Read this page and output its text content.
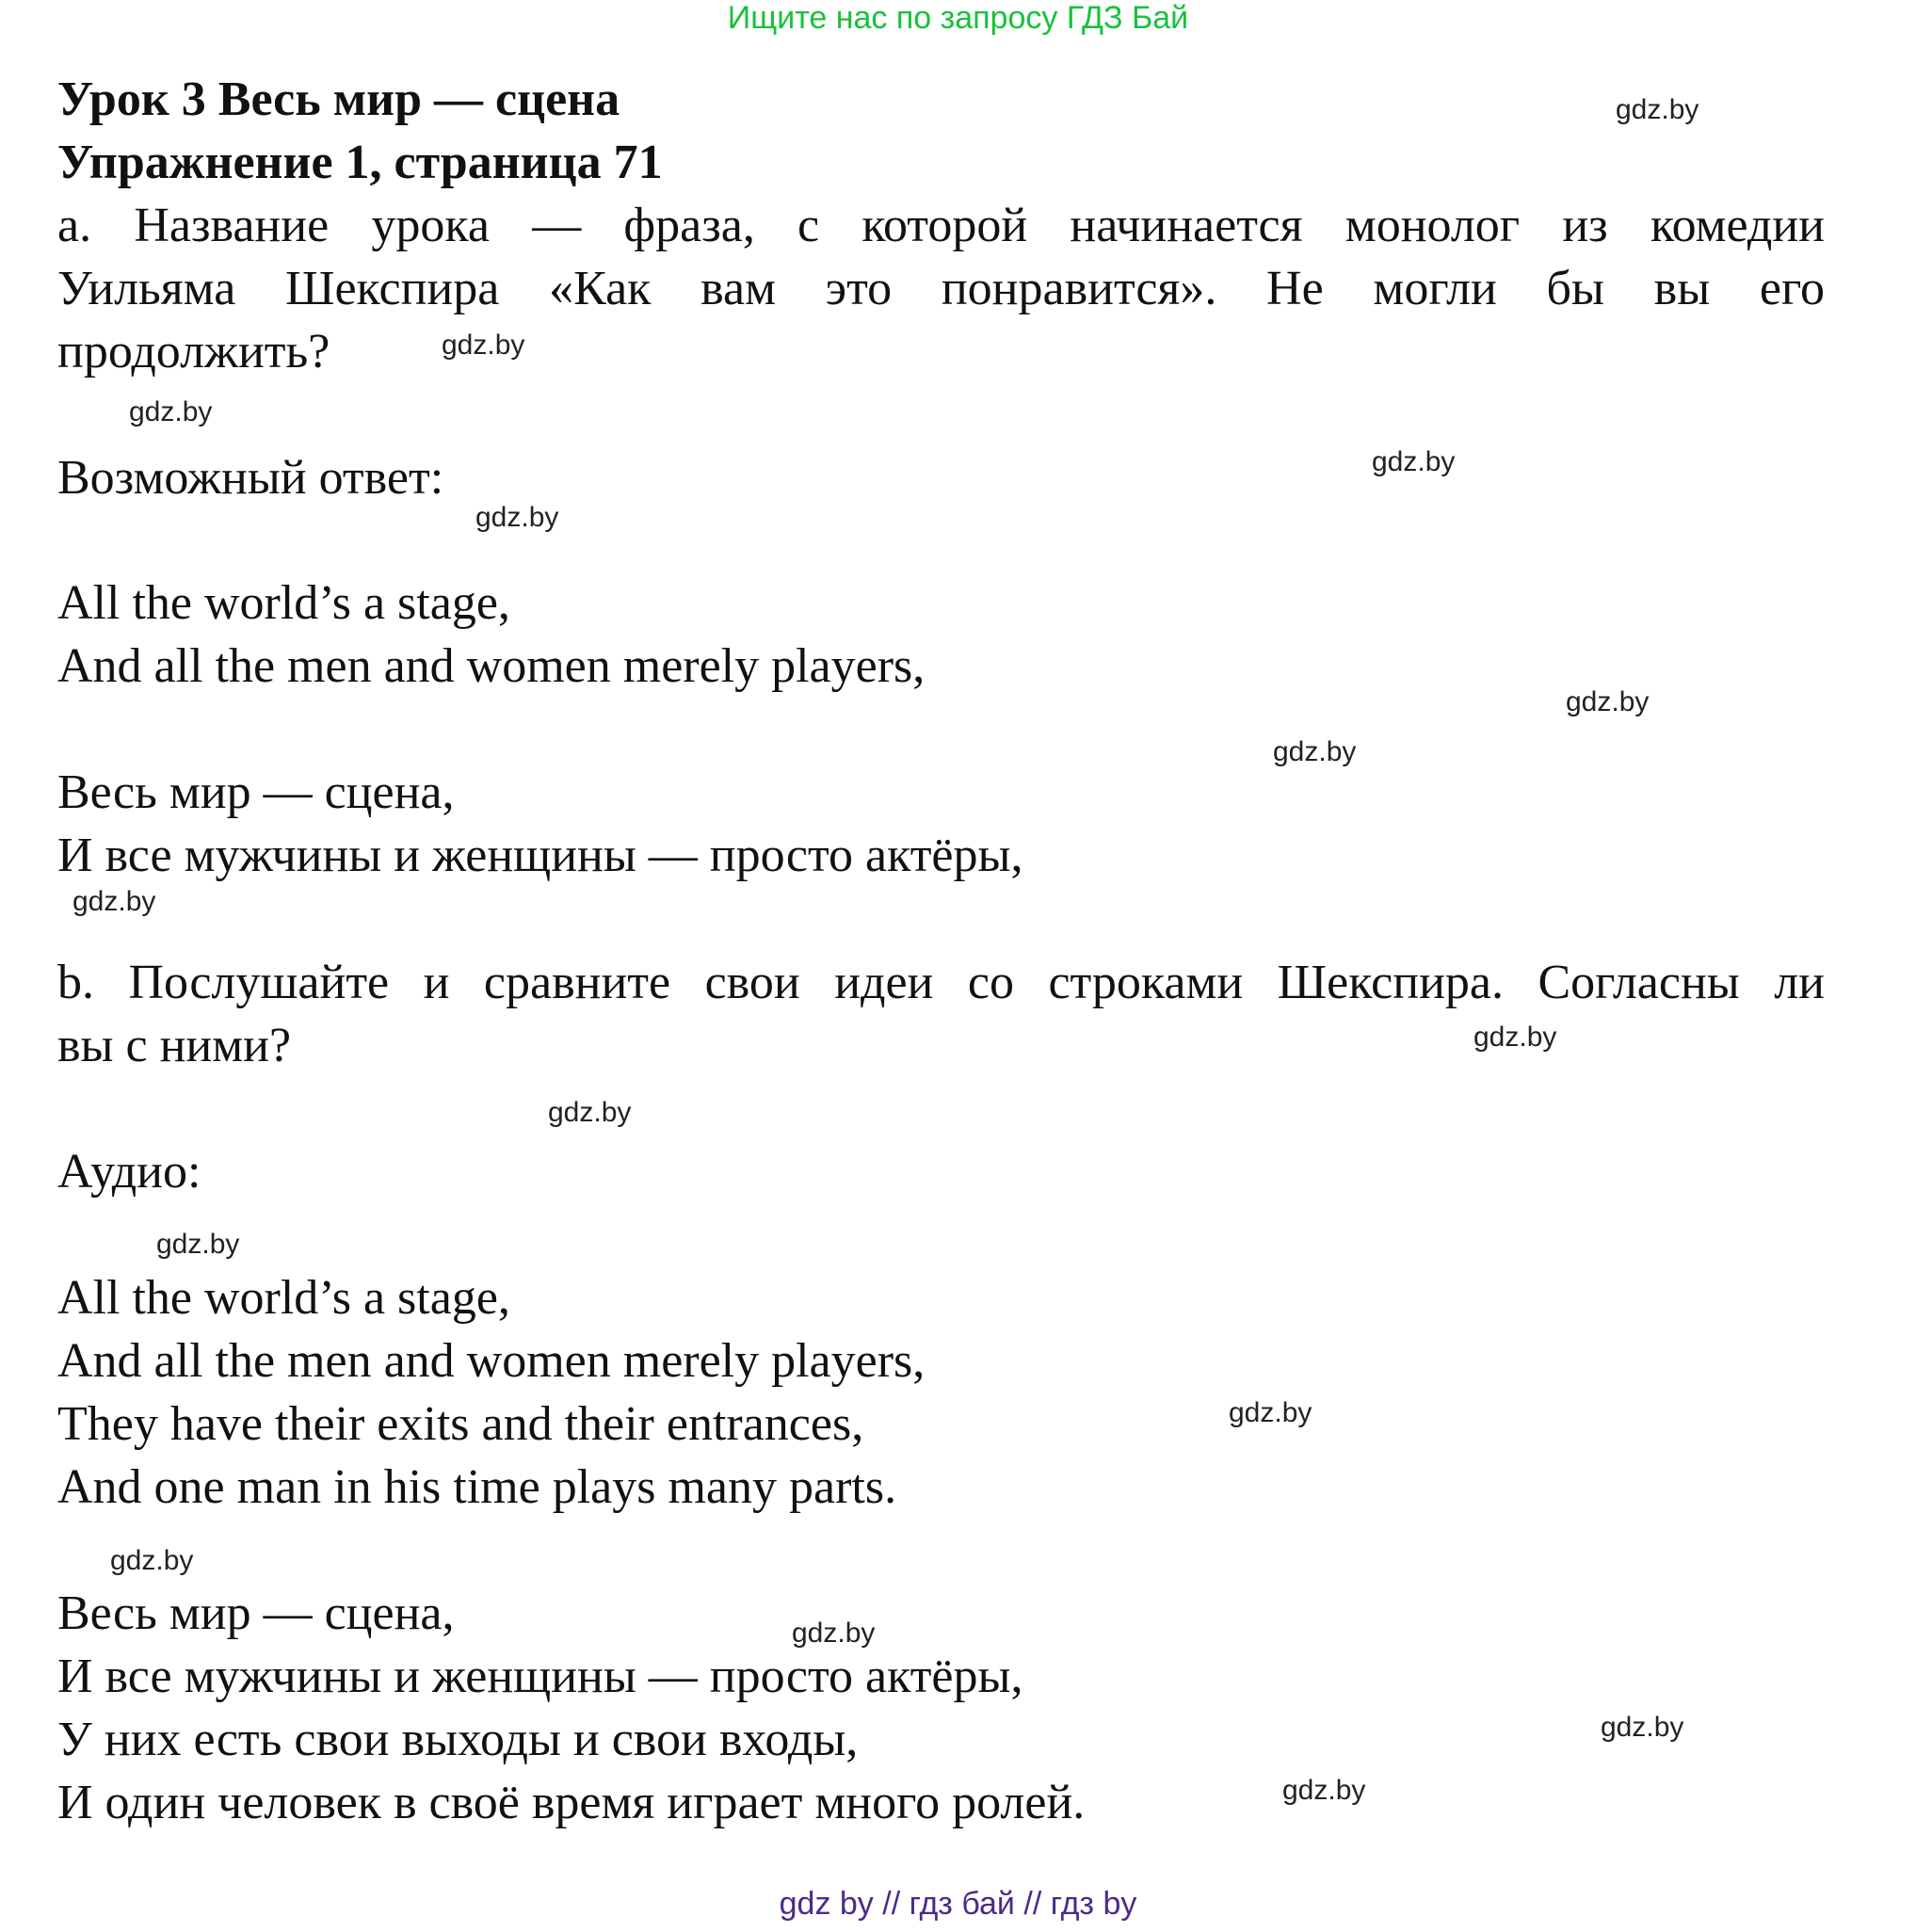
Ищите нас по запросу ГДЗ Бай
Урок 3 Весь мир — сцена
Упражнение 1, страница 71
a. Название урока — фраза, с которой начинается монолог из комедии
Уильяма Шекспира «Как вам это понравится». Не могли бы вы его
продолжить?
Возможный ответ:
All the world’s a stage,
And all the men and women merely players,
Весь мир — сцена,
И все мужчины и женщины — просто актёры,
b. Послушайте и сравните свои идеи со строками Шекспира. Согласны ли
вы с ними?
Аудио:
All the world’s a stage,
And all the men and women merely players,
They have their exits and their entrances,
And one man in his time plays many parts.
Весь мир — сцена,
И все мужчины и женщины — просто актёры,
У них есть свои выходы и свои входы,
И один человек в своё время играет много ролей.
gdz.by
gdz.by
gdz.by
gdz.by
gdz.by
gdz.by
gdz.by
gdz.by
gdz.by
gdz.by
gdz.by
gdz.by
gdz.by
gdz.by
gdz.by
gdz.by
gdz by // гдз бай // гдз by
